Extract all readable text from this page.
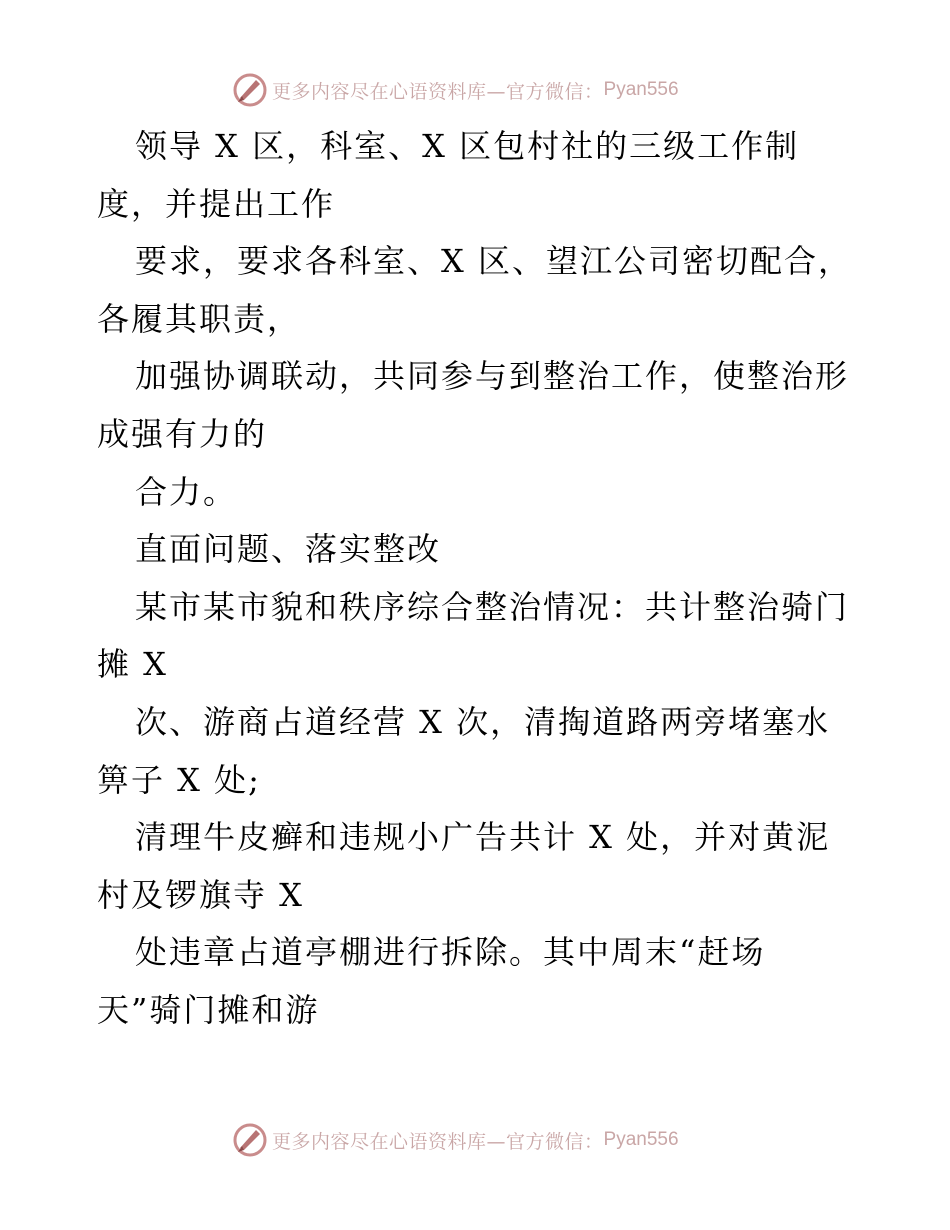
更多内容尽在心语资料库—官方微信： Pyan556

领导 X 区，科室、X 区包村社的三级工作制

度，并提出工作

要求，要求各科室、X 区、望江公司密切配合，

各履其职责，

加强协调联动，共同参与到整治工作，使整治形

成强有力的

合力。

直面问题、落实整改

某市某市貌和秩序综合整治情况：共计整治骑门

摊 X

次、游商占道经营 X 次，清掏道路两旁堵塞水

箅子 X 处;

清理牛皮癣和违规小广告共计 X 处，并对黄泥

村及锣旗寺 X

处违章占道亭棚进行拆除。其中周末“赶场

天”骑门摊和游

更多内容尽在心语资料库—官方微信： Pyan556
